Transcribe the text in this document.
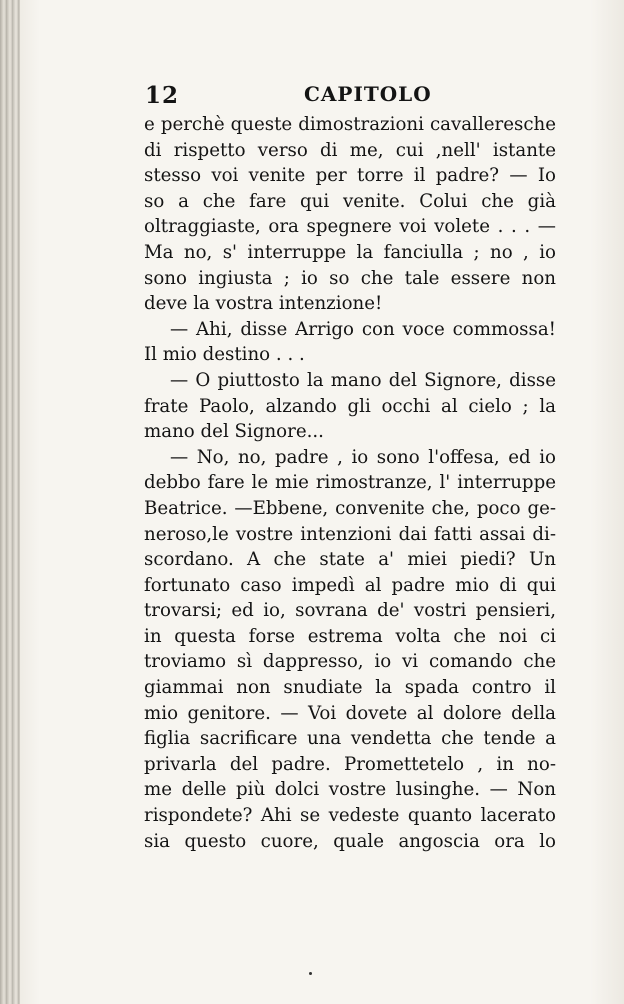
12	CAPITOLO
e perchè queste dimostrazioni cavalleresche
di rispetto verso di me, cui ,nell' istante
stesso voi venite per torre il padre? — Io
so a che fare qui venite. Colui che già
oltraggiaste, ora spegnere voi volete . . . —
Ma no, s' interruppe la fanciulla ; no , io
sono ingiusta ; io so che tale essere non
deve la vostra intenzione!
— Ahi, disse Arrigo con voce commossa!
Il mio destino . . .
— O piuttosto la mano del Signore, disse
frate Paolo, alzando gli occhi al cielo ; la
mano del Signore...
— No, no, padre , io sono l'offesa, ed io
debbo fare le mie rimostranze, l' interruppe
Beatrice. —Ebbene, convenite che, poco ge-
neroso,le vostre intenzioni dai fatti assai di-
scordano. A che state a' miei piedi? Un
fortunato caso impedì al padre mio di qui
trovarsi; ed io, sovrana de' vostri pensieri,
in questa forse estrema volta che noi ci
troviamo sì dappresso, io vi comando che
giammai non snudiate la spada contro il
mio genitore. — Voi dovete al dolore della
figlia sacrificare una vendetta che tende a
privarla del padre. Promettetelo , in no-
me delle più dolci vostre lusinghe. — Non
rispondete? Ahi se vedeste quanto lacerato
sia questo cuore, quale angoscia ora lo
